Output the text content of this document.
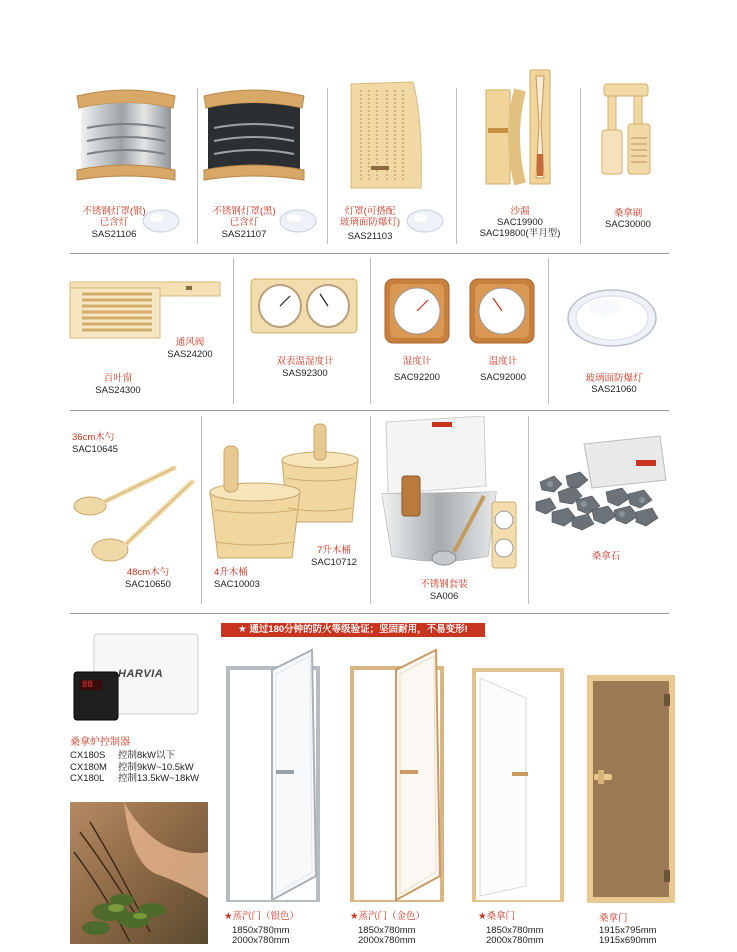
不锈钢灯罩(银)
已含灯
SAS21106
不锈钢灯罩(黑)
已含灯
SAS21107
灯罩(可搭配
玻璃面防爆灯)
SAS21103
沙漏
SAC19900
SAC19800(半月型)
桑拿刷
SAC30000
通风阀
SAS24200
百叶窗
SAS24300
双表温湿度计
SAS92300
湿度计
SAC92200
温度计
SAC92000	玻璃面防爆灯
SAS21060
36cm木勺
SAC10645
48cm木勺
SAC10650
4升木桶
SAC10003
7升木桶
SAC10712
不锈钢套装
SA006
桑拿石
★ 通过180分钟的防火等级验证；坚固耐用，不易变形!
HARVIA
88
桑拿炉控制器
CX180S 控制8kW以下
CX180M 控制9kW~10.5kW
CX180L 控制13.5kW~18kW
★蒸汽门（银色）
1850x780mm
2000x780mm
★蒸汽门（金色）
1850x780mm
2000x780mm
★桑拿门
1850x780mm
2000x780mm
桑拿门
1915x795mm
1915x690mm
